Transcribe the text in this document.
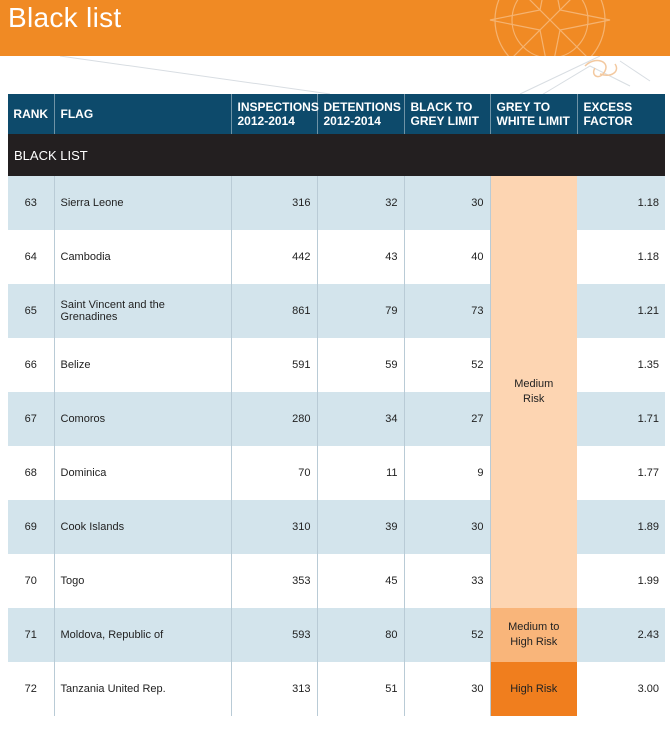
Black list
RANK	FLAG	INSPECTIONS 2012-2014	DETENTIONS 2012-2014	BLACK TO GREY LIMIT	GREY TO WHITE LIMIT	EXCESS FACTOR
BLACK LIST						
63	Sierra Leone	316	32	30	Medium Risk	1.18
64	Cambodia	442	43	40		1.18
65	Saint Vincent and the Grenadines	861	79	73		1.21
66	Belize	591	59	52		1.35
67	Comoros	280	34	27		1.71
68	Dominica	70	11	9		1.77
69	Cook Islands	310	39	30		1.89
70	Togo	353	45	33		1.99
71	Moldova, Republic of	593	80	52	Medium to High Risk	2.43
72	Tanzania United Rep.	313	51	30	High Risk	3.00
